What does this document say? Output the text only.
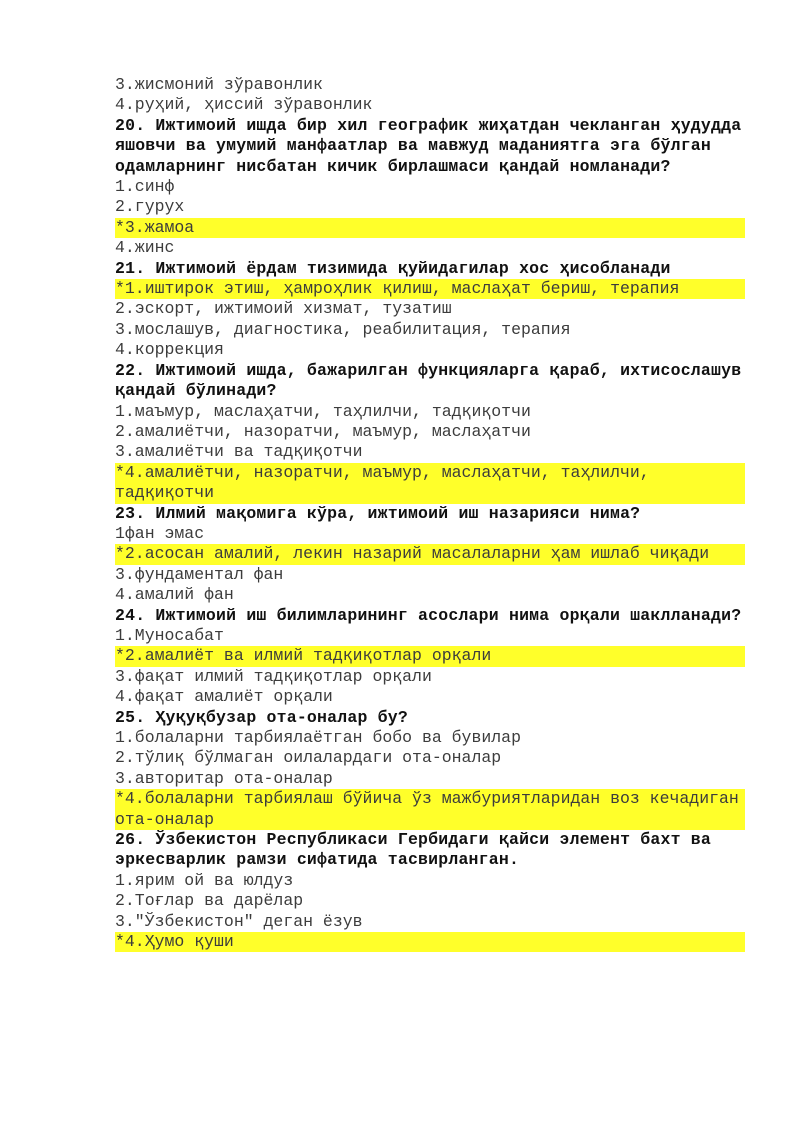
3.жисмоний зўравонлик

4.руҳий, ҳиссий зўравонлик

20. Ижтимоий ишда бир хил географик жиҳатдан чекланган ҳудудда яшовчи ва умумий манфаатлар ва мавжуд маданиятга эга бўлган одамларнинг нисбатан кичик бирлашмаси қандай номланади?

1.синф

2.гурух

*3.жамоа

4.жинс

21. Ижтимоий ёрдам тизимида қуйидагилар хос ҳисобланади

*1.иштирок этиш, ҳамроҳлик қилиш, маслаҳат бериш, терапия

2.эскорт, ижтимоий хизмат, тузатиш

3.мослашув, диагностика, реабилитация, терапия

4.коррекция

22. Ижтимоий ишда, бажарилган функцияларга қараб, ихтисослашув қандай бўлинади?

1.маъмур, маслаҳатчи, таҳлилчи, тадқиқотчи

2.амалиётчи, назоратчи, маъмур, маслаҳатчи

3.амалиётчи ва тадқиқотчи

*4.амалиётчи, назоратчи, маъмур, маслаҳатчи, таҳлилчи, тадқиқотчи

23. Илмий мақомига кўра, ижтимоий иш назарияси нима?

1фан эмас

*2.асосан амалий, лекин назарий масалаларни ҳам ишлаб чиқади

3.фундаментал фан

4.амалий фан

24. Ижтимоий иш билимларининг асослари нима орқали шаклланади?

1.Муносабат

*2.амалиёт ва илмий тадқиқотлар орқали

3.фақат илмий тадқиқотлар орқали

4.фақат амалиёт орқали

25. Ҳуқуқбузар ота-оналар бу?

1.болаларни тарбиялаётган бобо ва бувилар

2.тўлиқ бўлмаган оилалардаги ота-оналар

3.авторитар ота-оналар

*4.болаларни тарбиялаш бўйича ўз мажбуриятларидан воз кечадиган ота-оналар

26. Ўзбекистон Республикаси Гербидаги қайси элемент бахт ва эркесварлик рамзи сифатида тасвирланган.

1.ярим ой ва юлдуз

2.Тоғлар ва дарёлар

3."Ўзбекистон" деган ёзув

*4.Ҳумо қуши
